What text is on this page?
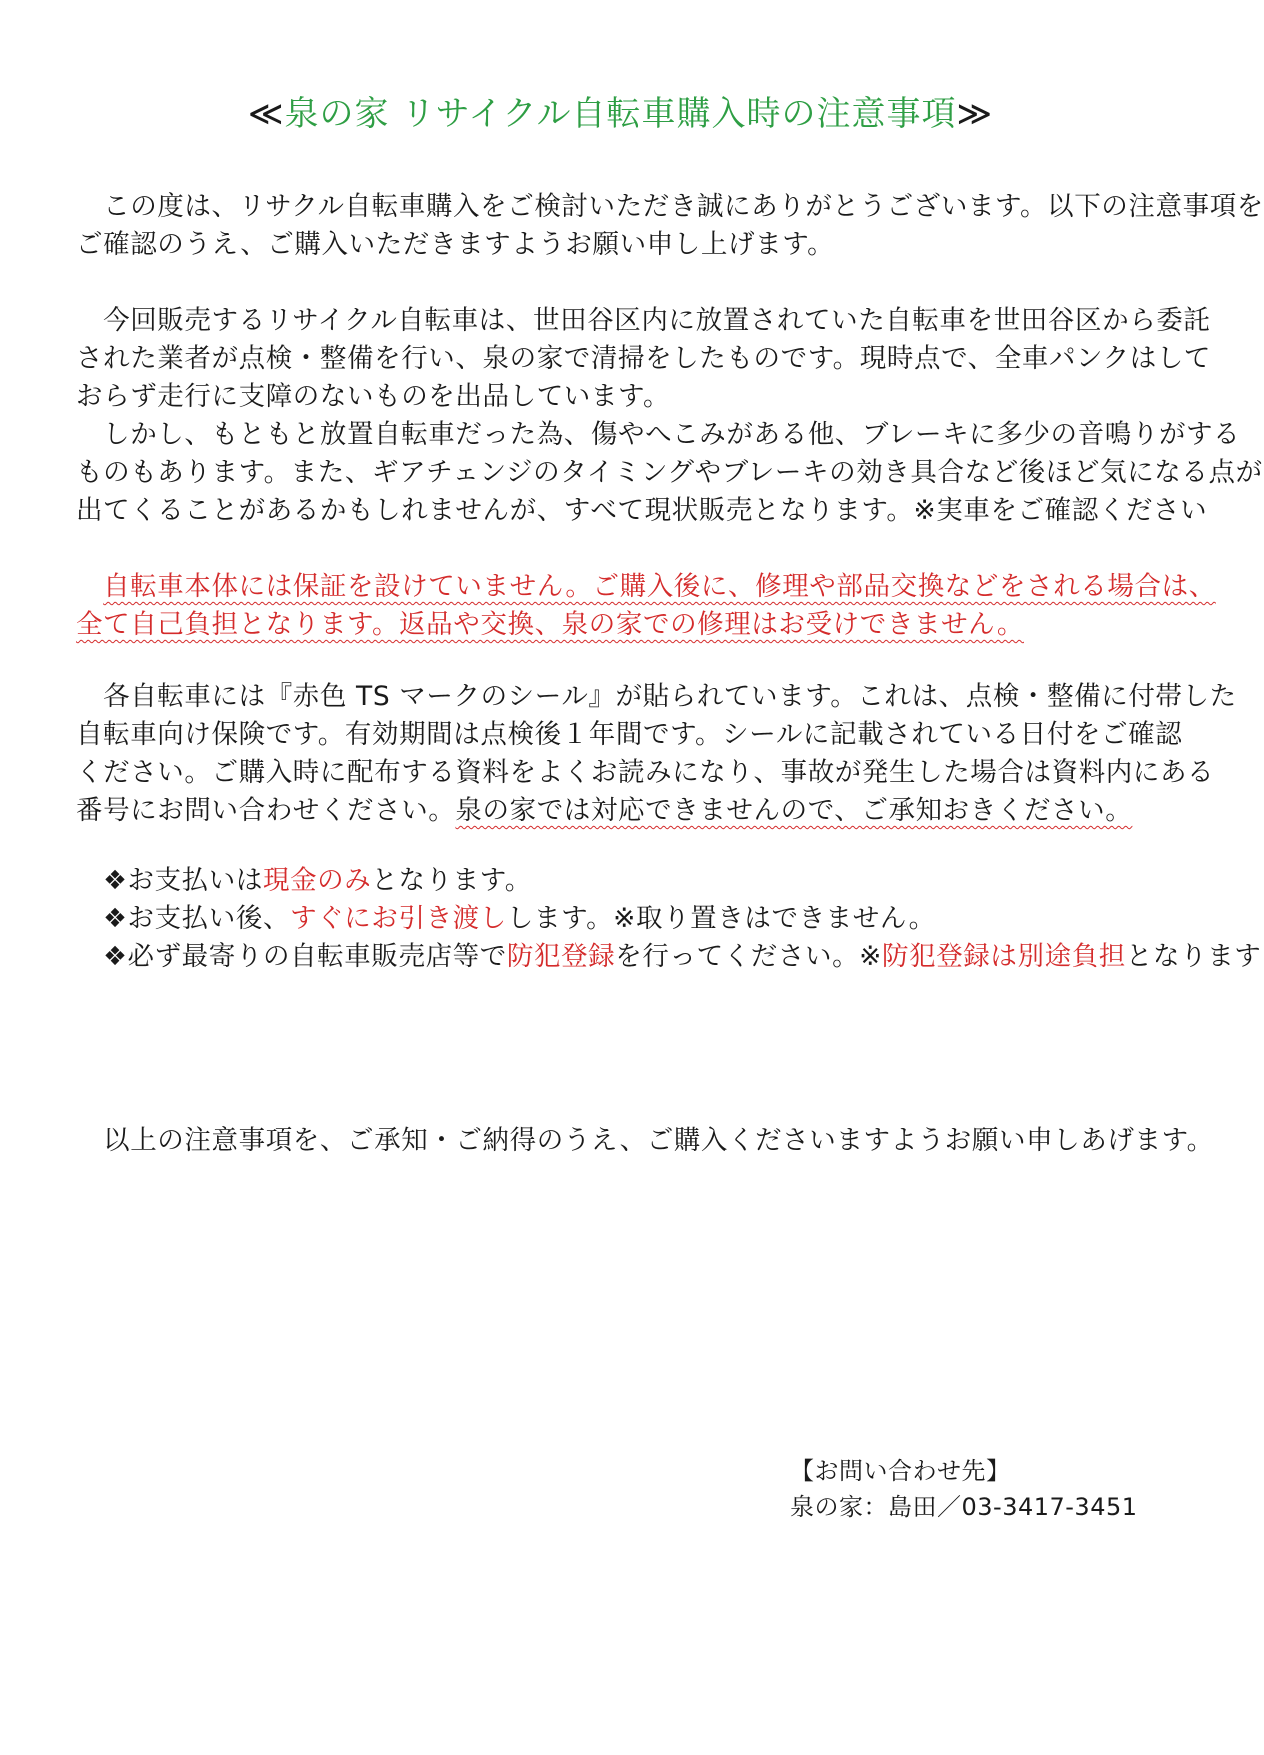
≪泉の家 リサイクル自転車購入時の注意事項≫
　この度は、リサクル自転車購入をご検討いただき誠にありがとうございます。以下の注意事項を
ご確認のうえ、ご購入いただきますようお願い申し上げます。
　今回販売するリサイクル自転車は、世田谷区内に放置されていた自転車を世田谷区から委託
された業者が点検・整備を行い、泉の家で清掃をしたものです。現時点で、全車パンクはして
おらず走行に支障のないものを出品しています。
　しかし、もともと放置自転車だった為、傷やへこみがある他、ブレーキに多少の音鳴りがする
ものもあります。また、ギアチェンジのタイミングやブレーキの効き具合など後ほど気になる点が
出てくることがあるかもしれませんが、すべて現状販売となります。※実車をご確認ください
　自転車本体には保証を設けていません。ご購入後に、修理や部品交換などをされる場合は、
全て自己負担となります。返品や交換、泉の家での修理はお受けできません。
　各自転車には『赤色 TS マークのシール』が貼られています。これは、点検・整備に付帯した
自転車向け保険です。有効期間は点検後１年間です。シールに記載されている日付をご確認
ください。ご購入時に配布する資料をよくお読みになり、事故が発生した場合は資料内にある
番号にお問い合わせください。泉の家では対応できませんので、ご承知おきください。
　❖お支払いは現金のみとなります。
　❖お支払い後、すぐにお引き渡しします。※取り置きはできません。
　❖必ず最寄りの自転車販売店等で防犯登録を行ってください。※防犯登録は別途負担となります
　以上の注意事項を、ご承知・ご納得のうえ、ご購入くださいますようお願い申しあげます。
【お問い合わせ先】
泉の家：島田／03-3417-3451
